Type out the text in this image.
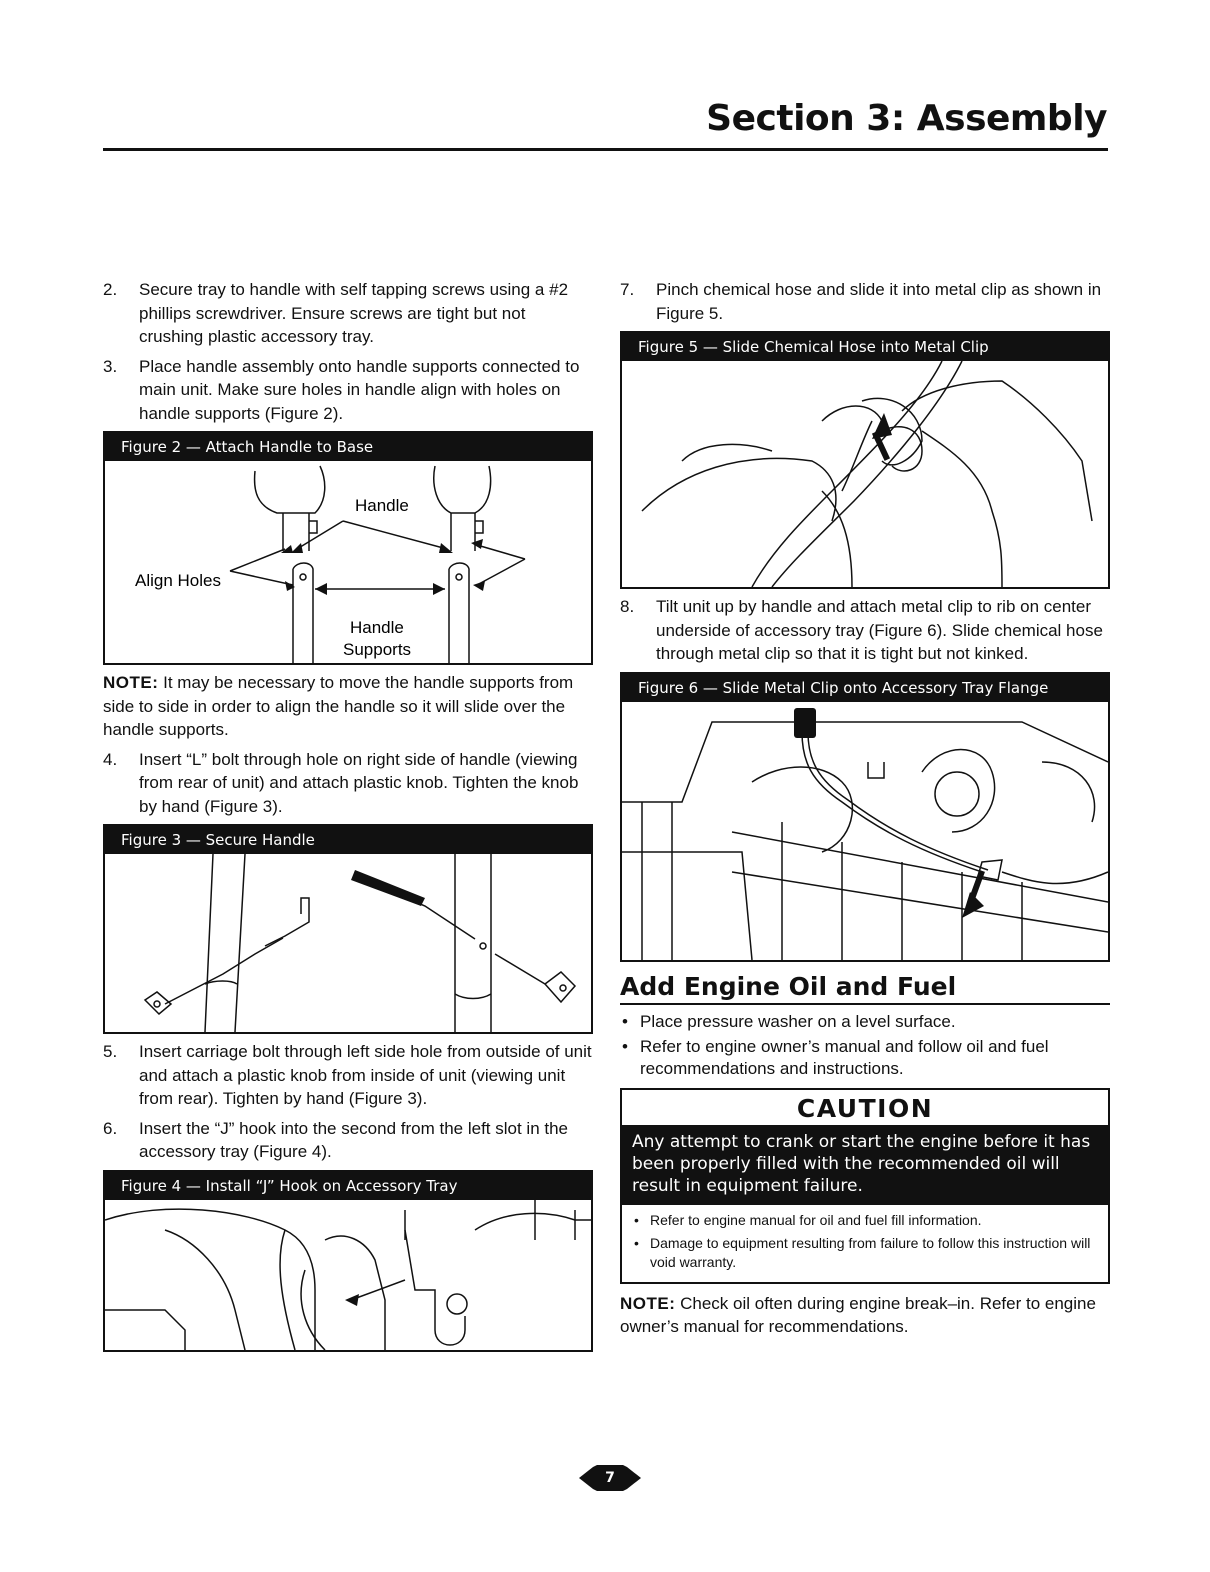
Section 3: Assembly
2. Secure tray to handle with self tapping screws using a #2 phillips screwdriver. Ensure screws are tight but not crushing plastic accessory tray.
3. Place handle assembly onto handle supports connected to main unit. Make sure holes in handle align with holes on handle supports (Figure 2).
Figure 2 — Attach Handle to Base
Handle
Align Holes
Handle
Supports
NOTE: It may be necessary to move the handle supports from side to side in order to align the handle so it will slide over the handle supports.
4. Insert “L” bolt through hole on right side of handle (viewing from rear of unit) and attach plastic knob. Tighten the knob by hand (Figure 3).
Figure 3 — Secure Handle
5. Insert carriage bolt through left side hole from outside of unit and attach a plastic knob from inside of unit (viewing unit from rear). Tighten by hand (Figure 3).
6. Insert the “J” hook into the second from the left slot in the accessory tray (Figure 4).
Figure 4 — Install “J” Hook on Accessory Tray
7. Pinch chemical hose and slide it into metal clip as shown in Figure 5.
Figure 5 — Slide Chemical Hose into Metal Clip
8. Tilt unit up by handle and attach metal clip to rib on center underside of accessory tray (Figure 6). Slide chemical hose through metal clip so that it is tight but not kinked.
Figure 6 — Slide Metal Clip onto Accessory Tray Flange
Add Engine Oil and Fuel
• Place pressure washer on a level surface.
• Refer to engine owner’s manual and follow oil and fuel recommendations and instructions.
CAUTION
Any attempt to crank or start the engine before it has been properly filled with the recommended oil will result in equipment failure.
• Refer to engine manual for oil and fuel fill information.
• Damage to equipment resulting from failure to follow this instruction will void warranty.
NOTE: Check oil often during engine break–in. Refer to engine owner’s manual for recommendations.
7
